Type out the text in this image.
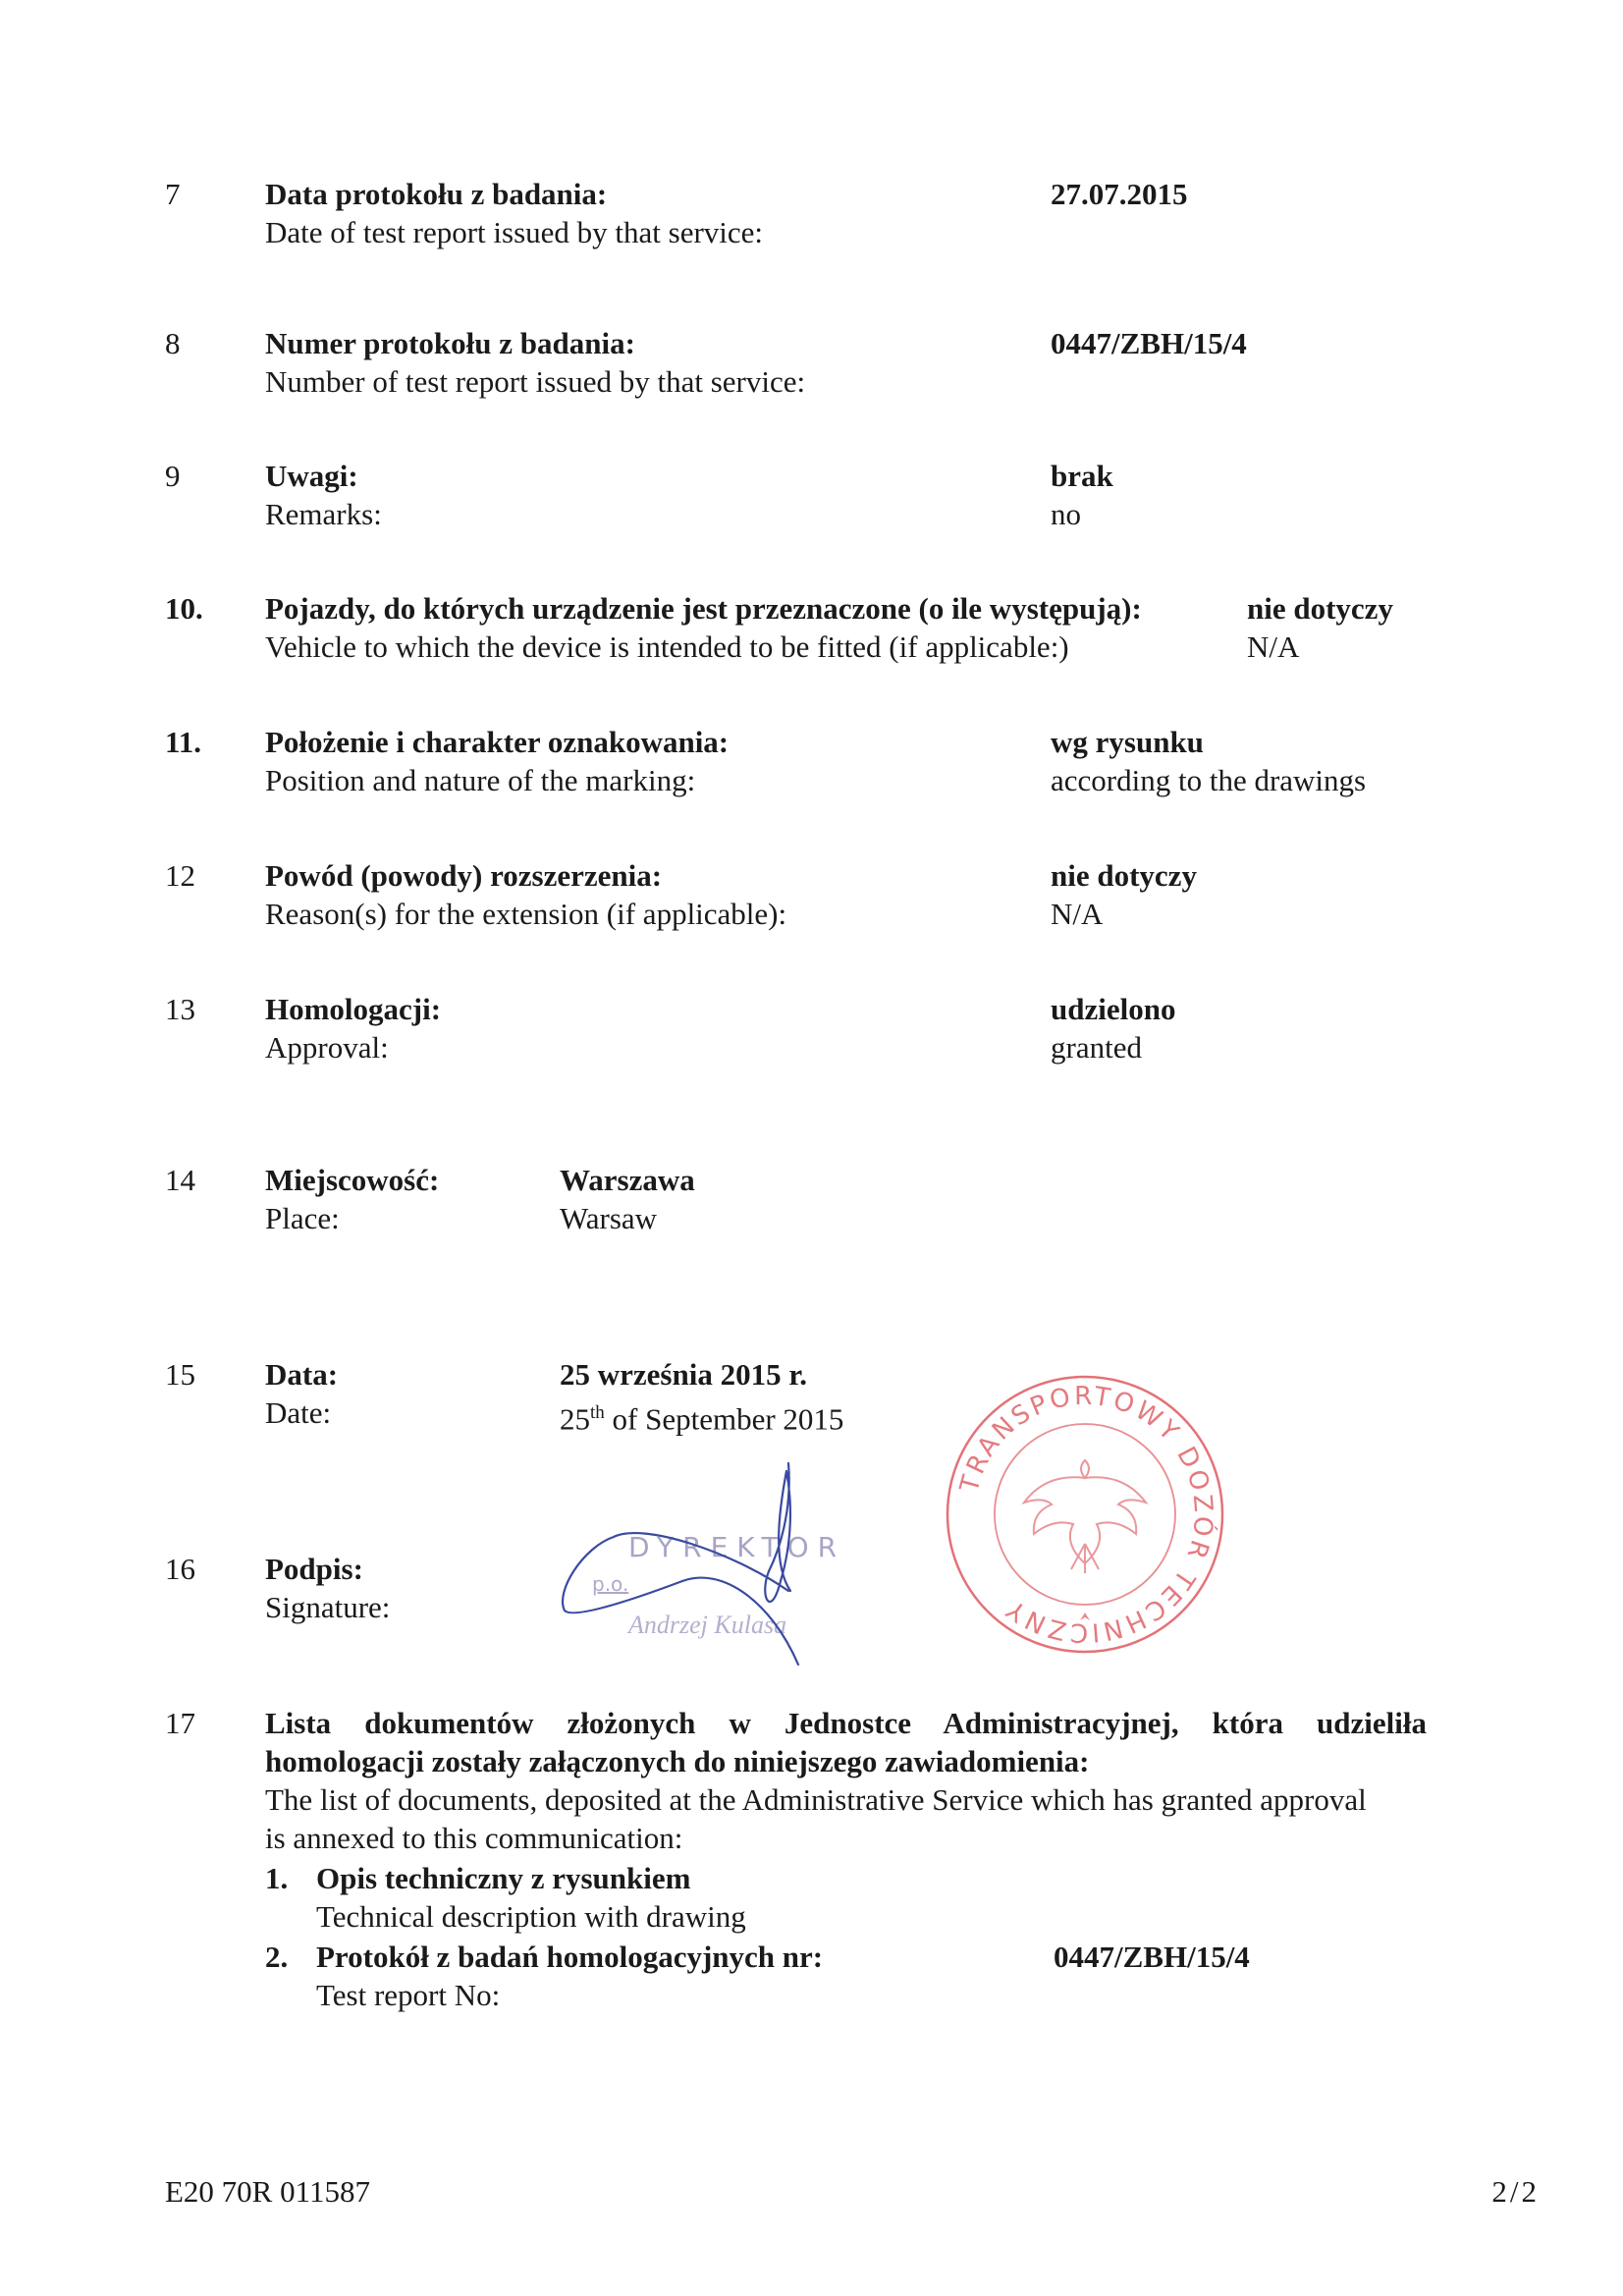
7	Data protokołu z badania:
Date of test report issued by that service:
27.07.2015
8	Numer protokołu z badania:
Number of test report issued by that service:
0447/ZBH/15/4
9	Uwagi:
Remarks:
brak
no
10. Pojazdy, do których urządzenie jest przeznaczone (o ile występują):
Vehicle to which the device is intended to be fitted (if applicable:)
nie dotyczy
N/A
11. Położenie i charakter oznakowania:
Position and nature of the marking:
wg rysunku
according to the drawings
12 Powód (powody) rozszerzenia:
Reason(s) for the extension (if applicable):
nie dotyczy
N/A
13 Homologacji:
Approval:
udzielono
granted
14 Miejscowość:
Place:
Warszawa
Warsaw
15 Data:
Date:
25 września 2015 r.
25th of September 2015
TRANSPORTOWY DOZÓR TECHNICZNY
16 Podpis:
Signature:
DYREKTOR
p.o.
Andrzej Kulasa
17 Lista dokumentów złożonych w Jednostce Administracyjnej, która udzieliła
homologacji zostały załączonych do niniejszego zawiadomienia:
The list of documents, deposited at the Administrative Service which has granted approval
is annexed to this communication:
1. Opis techniczny z rysunkiem
Technical description with drawing
2. Protokół z badań homologacyjnych nr:
Test report No:
0447/ZBH/15/4
E20 70R 011587	2/2
